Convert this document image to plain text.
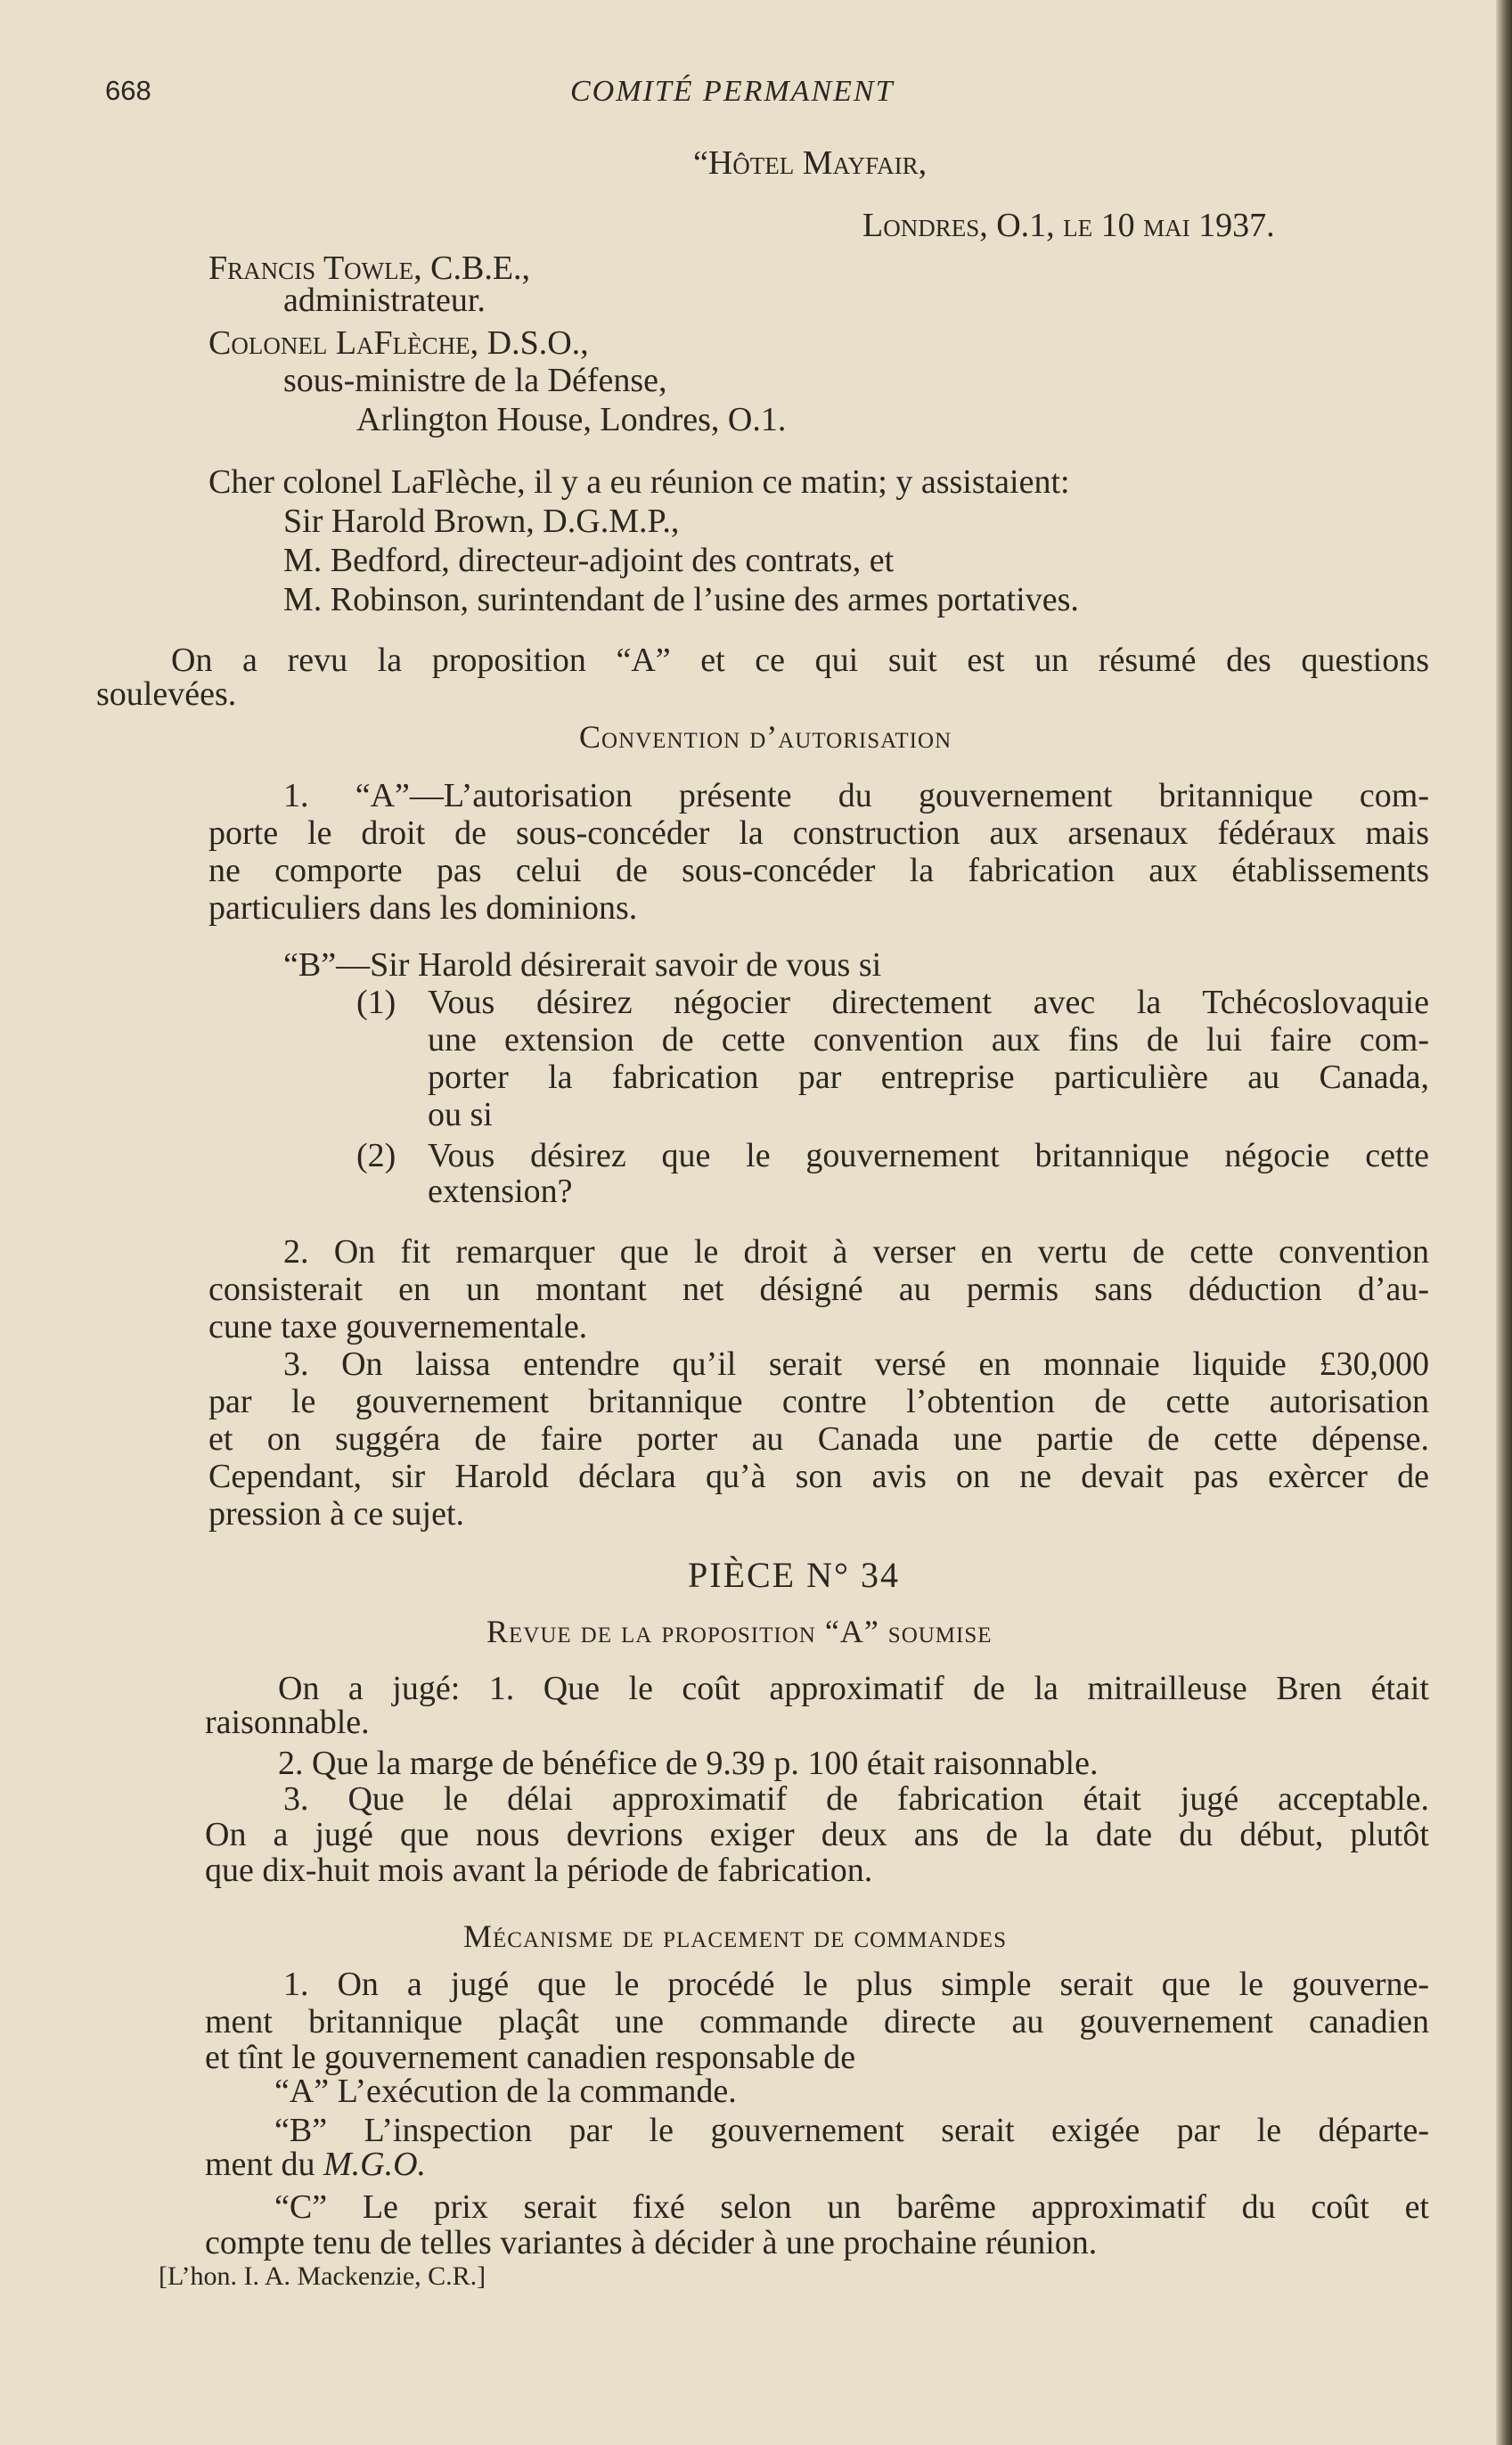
668	COMITÉ PERMANENT
“Hôtel Mayfair,
Londres, O.1, le 10 mai 1937.
Francis Towle, C.B.E.,
administrateur.
Colonel LaFlèche, D.S.O.,
sous-ministre de la Défense,
Arlington House, Londres, O.1.
Cher colonel LaFlèche, il y a eu réunion ce matin; y assistaient:
Sir Harold Brown, D.G.M.P.,
M. Bedford, directeur-adjoint des contrats, et
M. Robinson, surintendant de l’usine des armes portatives.
On a revu la proposition “A” et ce qui suit est un résumé des questions
soulevées.
Convention d’autorisation
1. “A”—L’autorisation présente du gouvernement britannique com-
porte le droit de sous-concéder la construction aux arsenaux fédéraux mais
ne comporte pas celui de sous-concéder la fabrication aux établissements
particuliers dans les dominions.
“B”—Sir Harold désirerait savoir de vous si
(1) Vous désirez négocier directement avec la Tchécoslovaquie
une extension de cette convention aux fins de lui faire com-
porter la fabrication par entreprise particulière au Canada,
ou si
(2) Vous désirez que le gouvernement britannique négocie cette
extension?
2. On fit remarquer que le droit à verser en vertu de cette convention
consisterait en un montant net désigné au permis sans déduction d’au-
cune taxe gouvernementale.
3. On laissa entendre qu’il serait versé en monnaie liquide £30,000
par le gouvernement britannique contre l’obtention de cette autorisation
et on suggéra de faire porter au Canada une partie de cette dépense.
Cependant, sir Harold déclara qu’à son avis on ne devait pas exèrcer de
pression à ce sujet.
PIÈCE N° 34
Revue de la proposition “A” soumise
On a jugé: 1. Que le coût approximatif de la mitrailleuse Bren était
raisonnable.
2. Que la marge de bénéfice de 9.39 p. 100 était raisonnable.
3. Que le délai approximatif de fabrication était jugé acceptable.
On a jugé que nous devrions exiger deux ans de la date du début, plutôt
que dix-huit mois avant la période de fabrication.
Mécanisme de placement de commandes
1. On a jugé que le procédé le plus simple serait que le gouverne-
ment britannique plaçât une commande directe au gouvernement canadien
et tînt le gouvernement canadien responsable de
“A” L’exécution de la commande.
“B” L’inspection par le gouvernement serait exigée par le départe-
ment du M.G.O.
“C” Le prix serait fixé selon un barême approximatif du coût et
compte tenu de telles variantes à décider à une prochaine réunion.
[L’hon. I. A. Mackenzie, C.R.]
